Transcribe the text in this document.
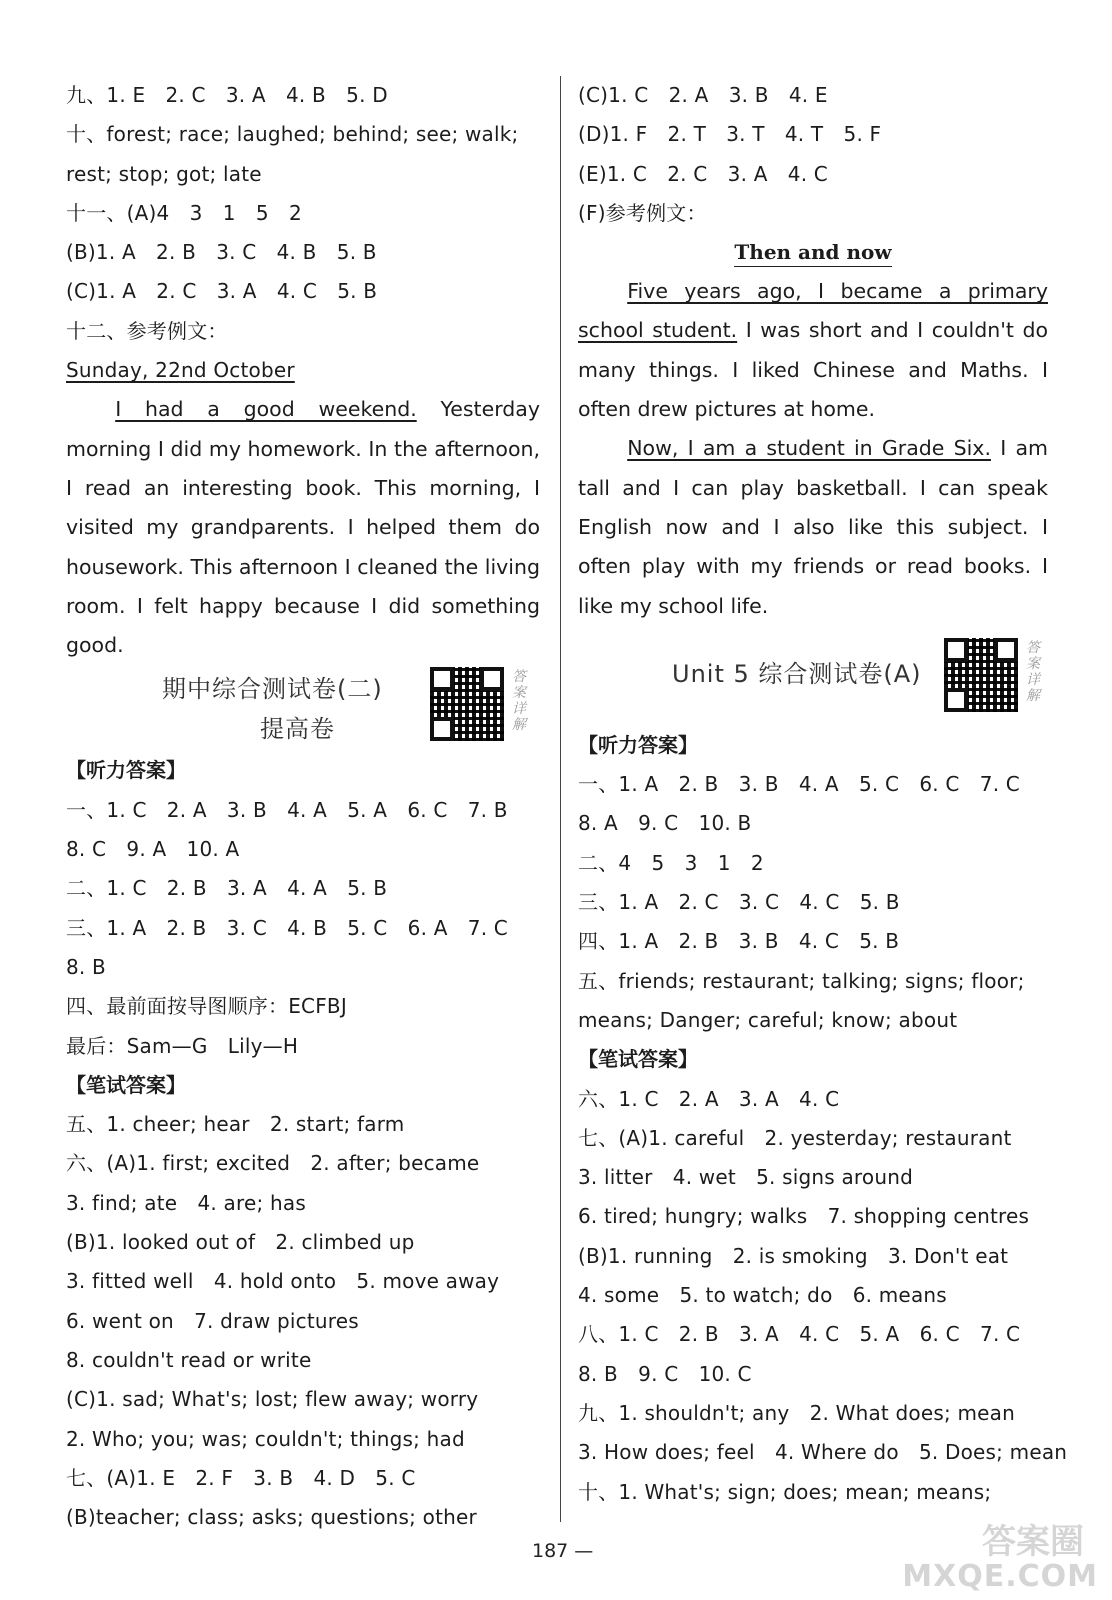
九、1. E　2. C　3. A　4. B　5. D
十、forest; race; laughed; behind; see; walk;
rest; stop; got; late
十一、(A)4　3　1　5　2
(B)1. A　2. B　3. C　4. B　5. B
(C)1. A　2. C　3. A　4. C　5. B
十二、参考例文：
Sunday, 22nd October
I had a good weekend. Yesterday morning I did my homework. In the afternoon, I read an interesting book. This morning, I visited my grandparents. I helped them do housework. This afternoon I cleaned the living room. I felt happy because I did something good.
期中综合测试卷(二)
提高卷
答案详解
【听力答案】
一、1. C　2. A　3. B　4. A　5. A　6. C　7. B
8. C　9. A　10. A
二、1. C　2. B　3. A　4. A　5. B
三、1. A　2. B　3. C　4. B　5. C　6. A　7. C
8. B
四、最前面按导图顺序：ECFBJ
最后：Sam—G　Lily—H
【笔试答案】
五、1. cheer; hear　2. start; farm
六、(A)1. first; excited　2. after; became
3. find; ate　4. are; has
(B)1. looked out of　2. climbed up
3. fitted well　4. hold onto　5. move away
6. went on　7. draw pictures
8. couldn't read or write
(C)1. sad; What's; lost; flew away; worry
2. Who; you; was; couldn't; things; had
七、(A)1. E　2. F　3. B　4. D　5. C
(B)teacher; class; asks; questions; other
(C)1. C　2. A　3. B　4. E
(D)1. F　2. T　3. T　4. T　5. F
(E)1. C　2. C　3. A　4. C
(F)参考例文：
Then and now
Five years ago, I became a primary school student. I was short and I couldn't do many things. I liked Chinese and Maths. I often drew pictures at home.
Now, I am a student in Grade Six. I am tall and I can play basketball. I can speak English now and I also like this subject. I often play with my friends or read books. I like my school life.
Unit 5 综合测试卷(A)
答案详解
【听力答案】
一、1. A　2. B　3. B　4. A　5. C　6. C　7. C
8. A　9. C　10. B
二、4　5　3　1　2
三、1. A　2. C　3. C　4. C　5. B
四、1. A　2. B　3. B　4. C　5. B
五、friends; restaurant; talking; signs; floor;
means; Danger; careful; know; about
【笔试答案】
六、1. C　2. A　3. A　4. C
七、(A)1. careful　2. yesterday; restaurant
3. litter　4. wet　5. signs around
6. tired; hungry; walks　7. shopping centres
(B)1. running　2. is smoking　3. Don't eat
4. some　5. to watch; do　6. means
八、1. C　2. B　3. A　4. C　5. A　6. C　7. C
8. B　9. C　10. C
九、1. shouldn't; any　2. What does; mean
3. How does; feel　4. Where do　5. Does; mean
十、1. What's; sign; does; mean; means;
187 —	答案圈
MXQE.COM
